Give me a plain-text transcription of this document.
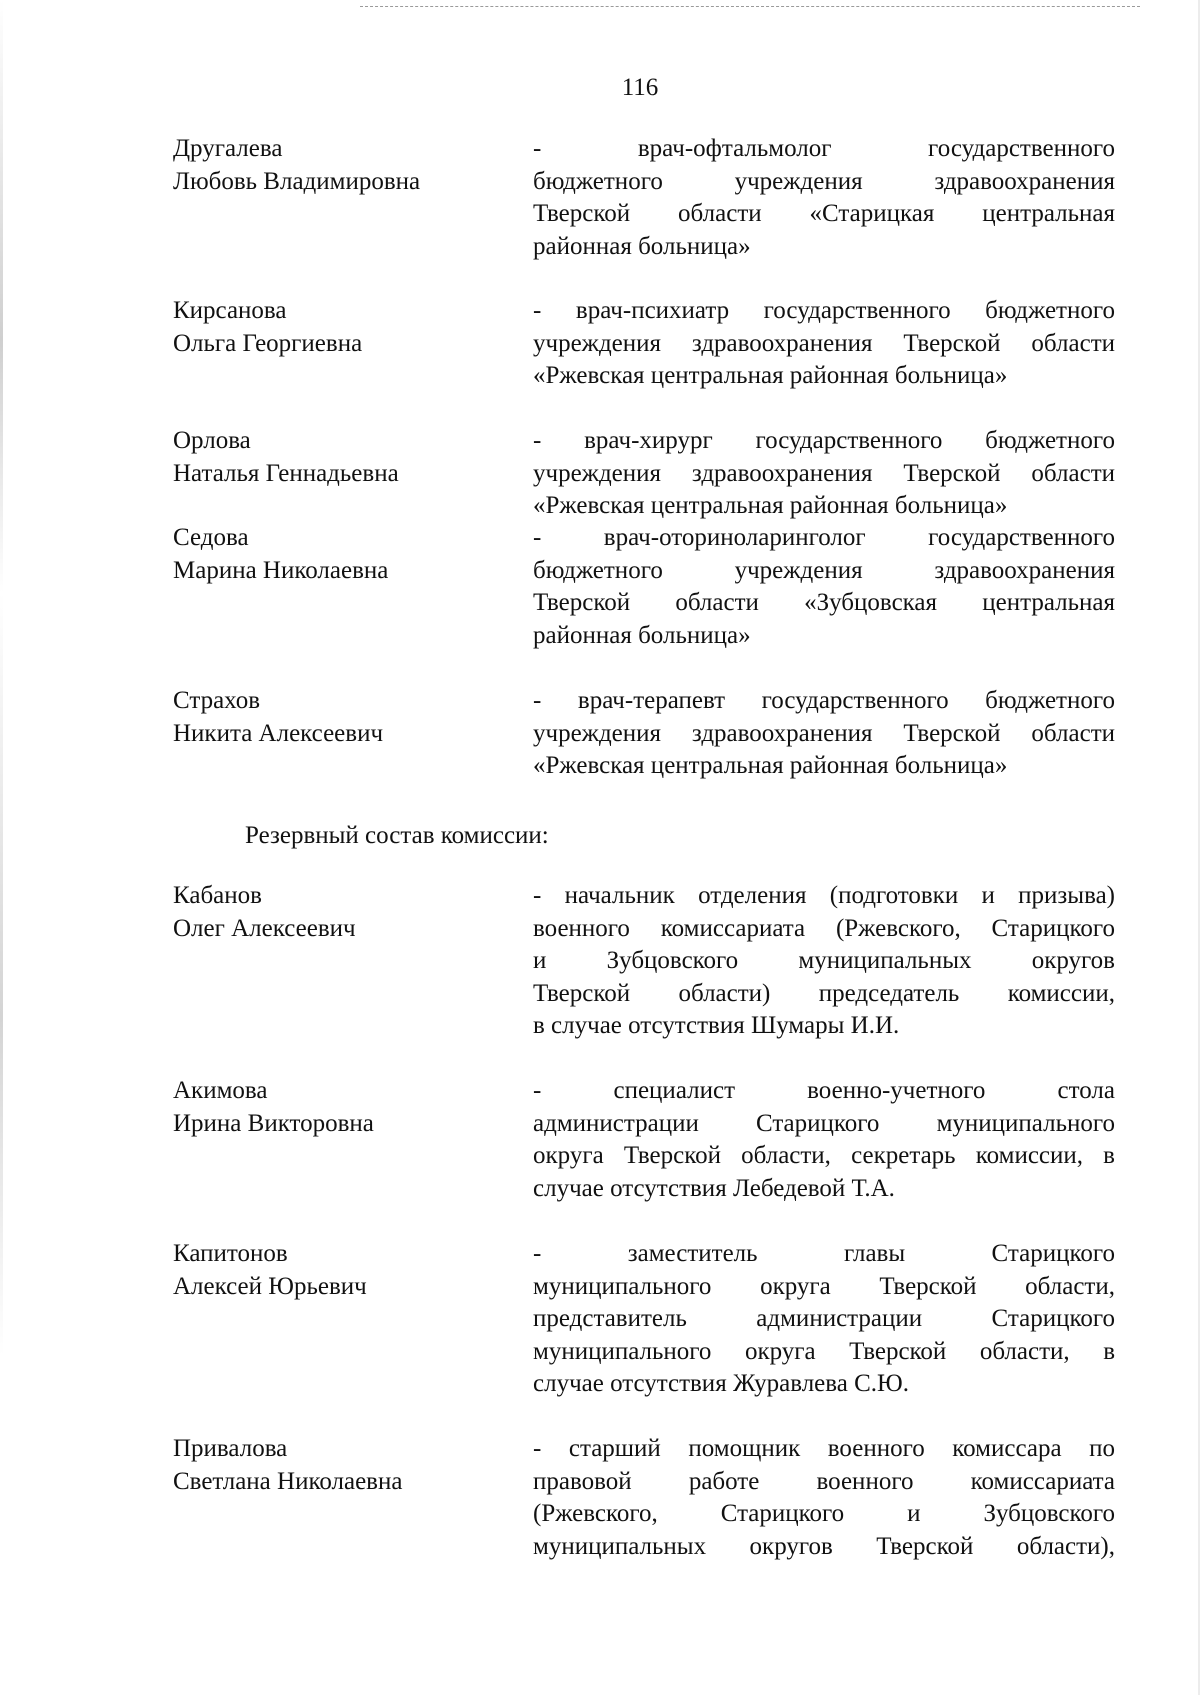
116
Другалева
Любовь Владимировна
- врач-офтальмолог государственного
бюджетного учреждения здравоохранения
Тверской области «Старицкая центральная
районная больница»
Кирсанова
Ольга Георгиевна
- врач-психиатр государственного бюджетного
учреждения здравоохранения Тверской области
«Ржевская центральная районная больница»
Орлова
Наталья Геннадьевна
- врач-хирург государственного бюджетного
учреждения здравоохранения Тверской области
«Ржевская центральная районная больница»
Седова
Марина Николаевна
- врач-оториноларинголог государственного
бюджетного учреждения здравоохранения
Тверской области «Зубцовская центральная
районная больница»
Страхов
Никита Алексеевич
- врач-терапевт государственного бюджетного
учреждения здравоохранения Тверской области
«Ржевская центральная районная больница»
Резервный состав комиссии:
Кабанов
Олег Алексеевич
- начальник отделения (подготовки и призыва)
военного комиссариата (Ржевского, Старицкого
и Зубцовского муниципальных округов
Тверской области) председатель комиссии,
в случае отсутствия Шумары И.И.
Акимова
Ирина Викторовна
- специалист военно-учетного стола
администрации Старицкого муниципального
округа Тверской области, секретарь комиссии, в
случае отсутствия Лебедевой Т.А.
Капитонов
Алексей Юрьевич
- заместитель главы Старицкого
муниципального округа Тверской области,
представитель администрации Старицкого
муниципального округа Тверской области, в
случае отсутствия Журавлева С.Ю.
Привалова
Светлана Николаевна
- старший помощник военного комиссара по
правовой работе военного комиссариата
(Ржевского, Старицкого и Зубцовского
муниципальных округов Тверской области),
